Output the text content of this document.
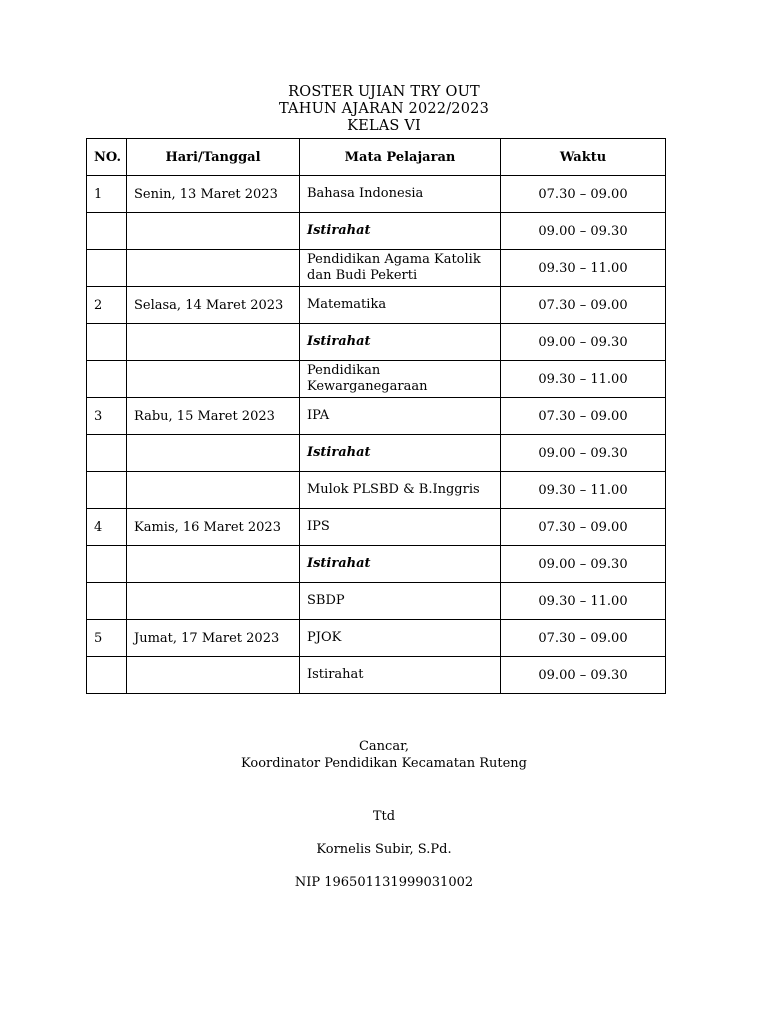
ROSTER UJIAN TRY OUT
TAHUN AJARAN 2022/2023
KELAS VI
NO.	Hari/Tanggal	Mata Pelajaran	Waktu
1	Senin, 13 Maret 2023	Bahasa Indonesia	07.30 – 09.00
		Istirahat	09.00 – 09.30
		Pendidikan Agama Katolik dan Budi Pekerti	09.30 – 11.00
2	Selasa, 14 Maret 2023	Matematika	07.30 – 09.00
		Istirahat	09.00 – 09.30
		Pendidikan Kewarganegaraan	09.30 – 11.00
3	Rabu, 15 Maret 2023	IPA	07.30 – 09.00
		Istirahat	09.00 – 09.30
		Mulok PLSBD & B.Inggris	09.30 – 11.00
4	Kamis, 16 Maret 2023	IPS	07.30 – 09.00
		Istirahat	09.00 – 09.30
		SBDP	09.30 – 11.00
5	Jumat, 17 Maret 2023	PJOK	07.30 – 09.00
		Istirahat	09.00 – 09.30
Cancar,
Koordinator Pendidikan Kecamatan Ruteng
Ttd
Kornelis Subir, S.Pd.
NIP 196501131999031002
